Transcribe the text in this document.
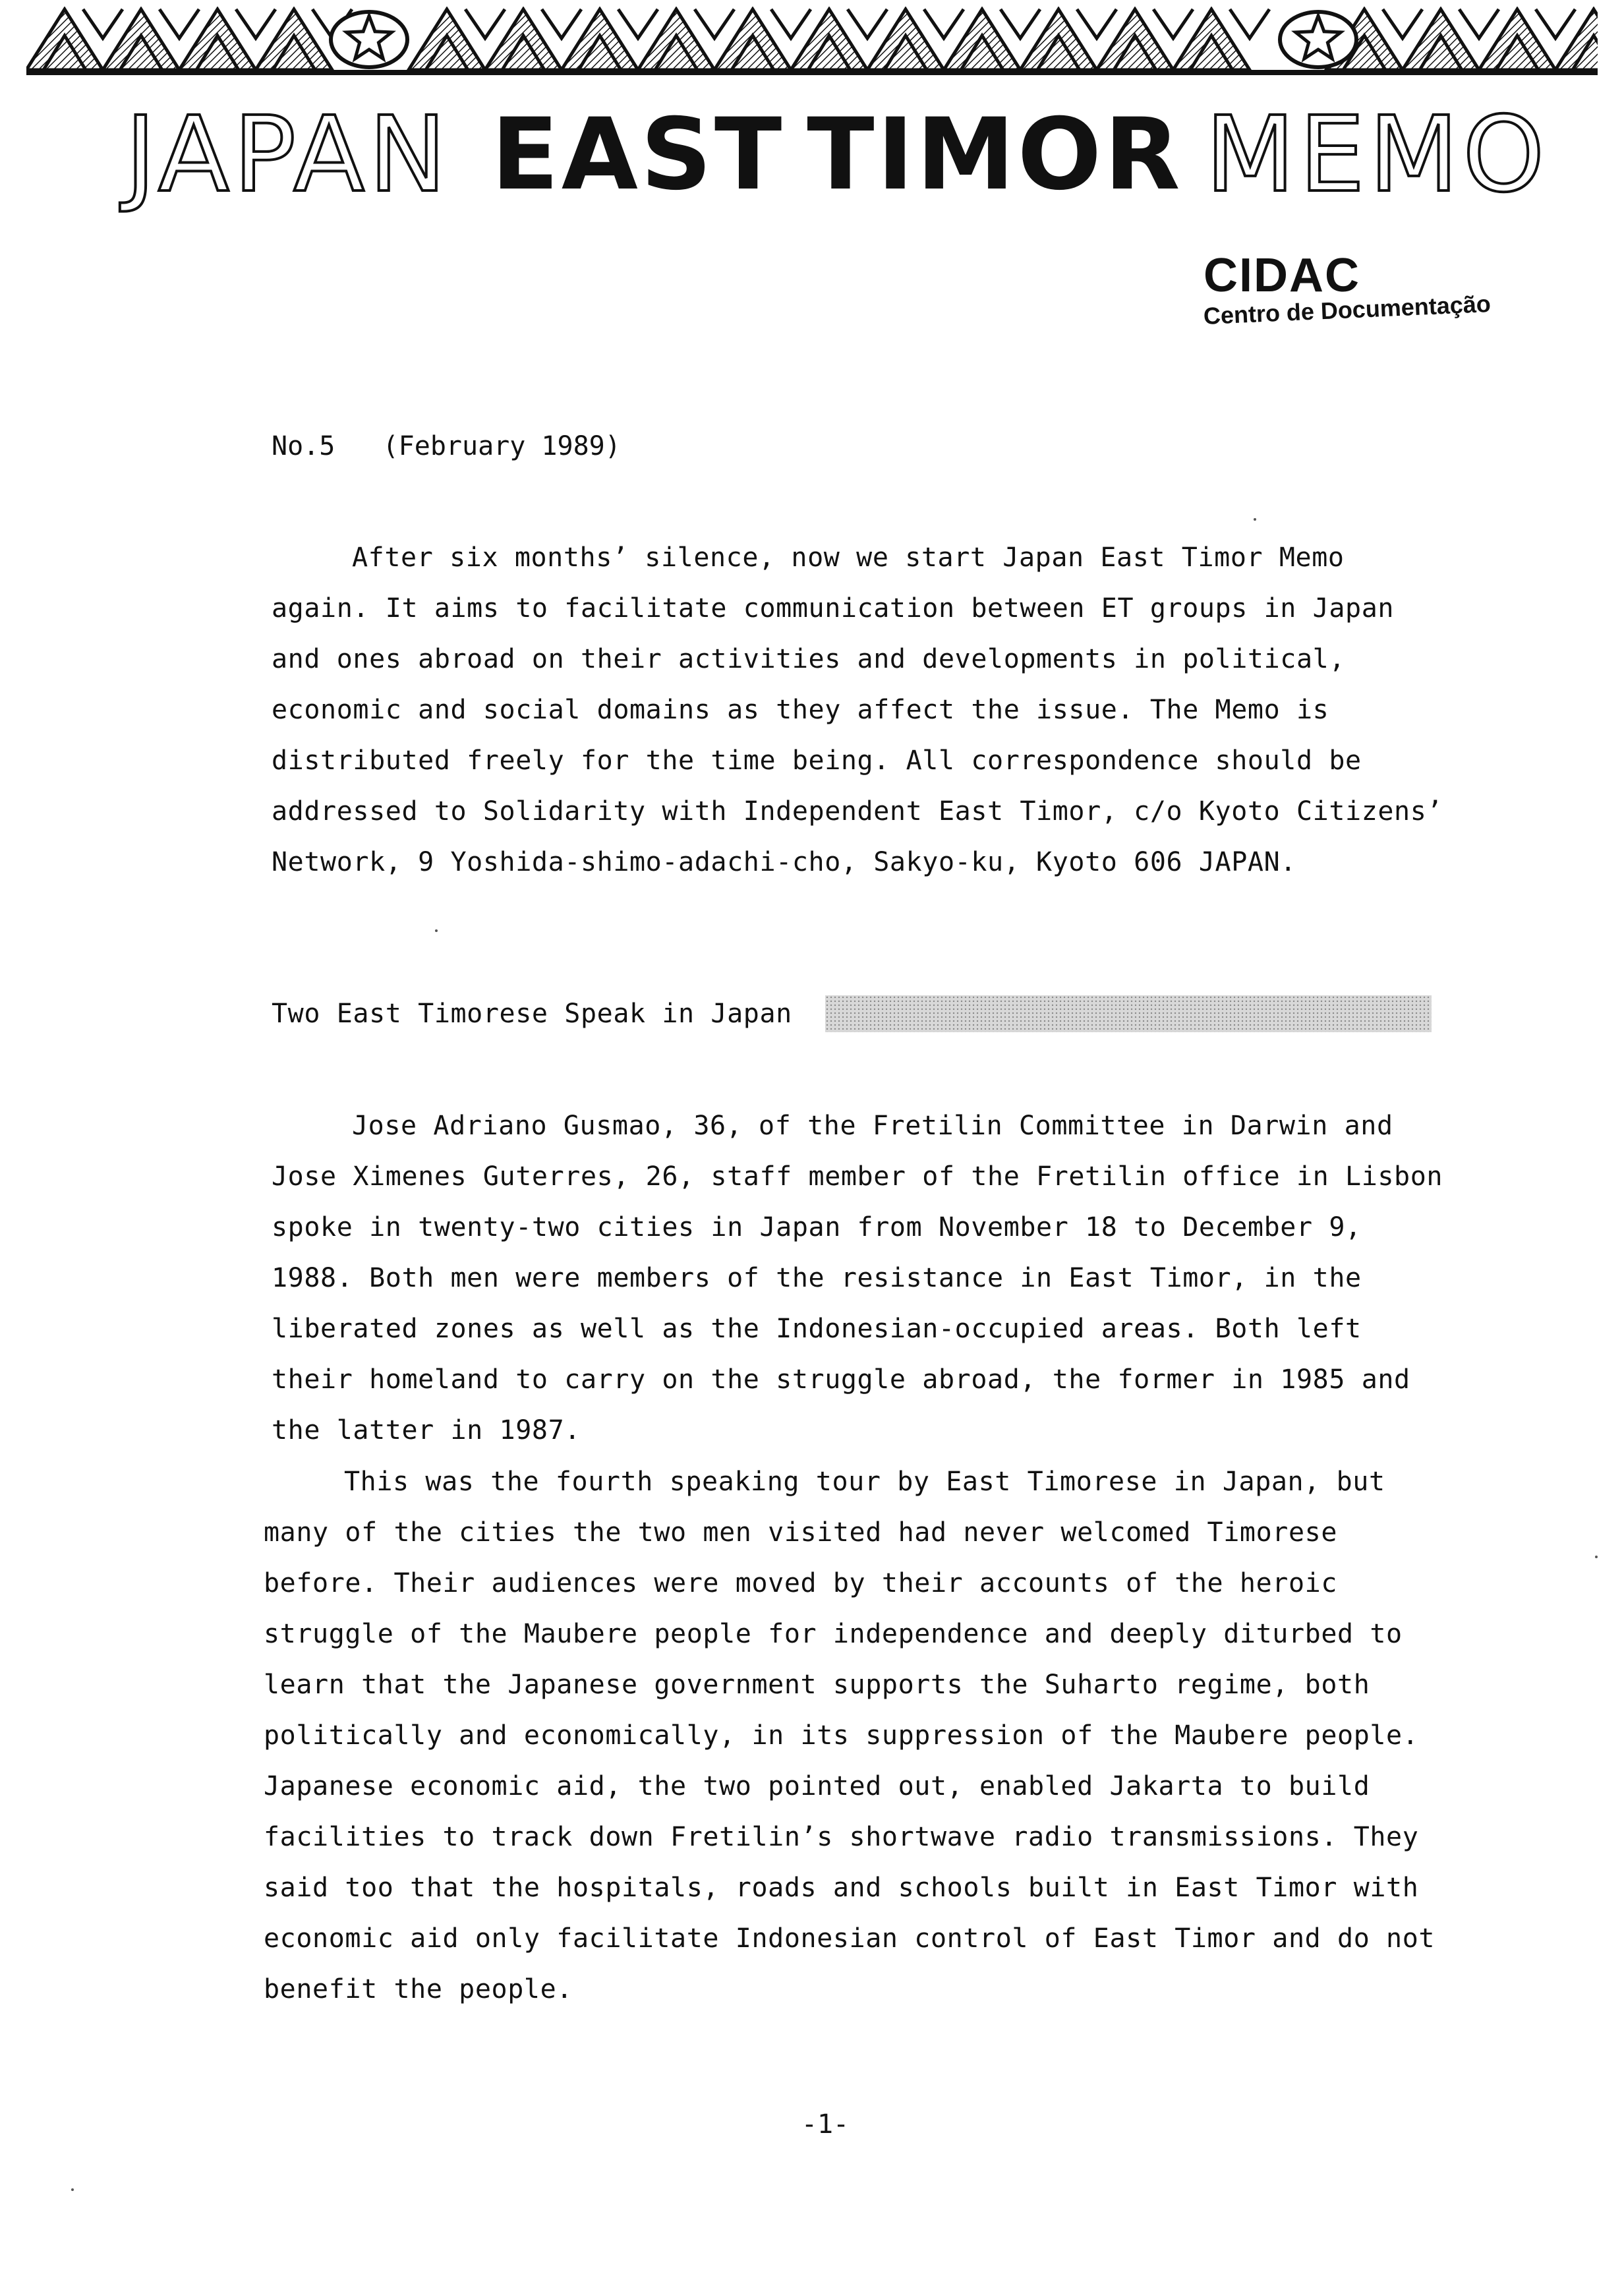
JAPAN EAST TIMOR MEMO
CIDAC
Centro de Documentação
No.5 (February 1989)

After six months’ silence, now we start Japan East Timor Memo again. It aims to facilitate communication between ET groups in Japan and ones abroad on their activities and developments in political, economic and social domains as they affect the issue. The Memo is distributed freely for the time being. All correspondence should be addressed to Solidarity with Independent East Timor, c/o Kyoto Citizens’ Network, 9 Yoshida-shimo-adachi-cho, Sakyo-ku, Kyoto 606 JAPAN.

Two East Timorese Speak in Japan

Jose Adriano Gusmao, 36, of the Fretilin Committee in Darwin and Jose Ximenes Guterres, 26, staff member of the Fretilin office in Lisbon spoke in twenty-two cities in Japan from November 18 to December 9, 1988. Both men were members of the resistance in East Timor, in the liberated zones as well as the Indonesian-occupied areas. Both left their homeland to carry on the struggle abroad, the former in 1985 and the latter in 1987.

This was the fourth speaking tour by East Timorese in Japan, but many of the cities the two men visited had never welcomed Timorese before. Their audiences were moved by their accounts of the heroic struggle of the Maubere people for independence and deeply diturbed to learn that the Japanese government supports the Suharto regime, both politically and economically, in its suppression of the Maubere people. Japanese economic aid, the two pointed out, enabled Jakarta to build facilities to track down Fretilin’s shortwave radio transmissions. They said too that the hospitals, roads and schools built in East Timor with economic aid only facilitate Indonesian control of East Timor and do not benefit the people.

-1-
